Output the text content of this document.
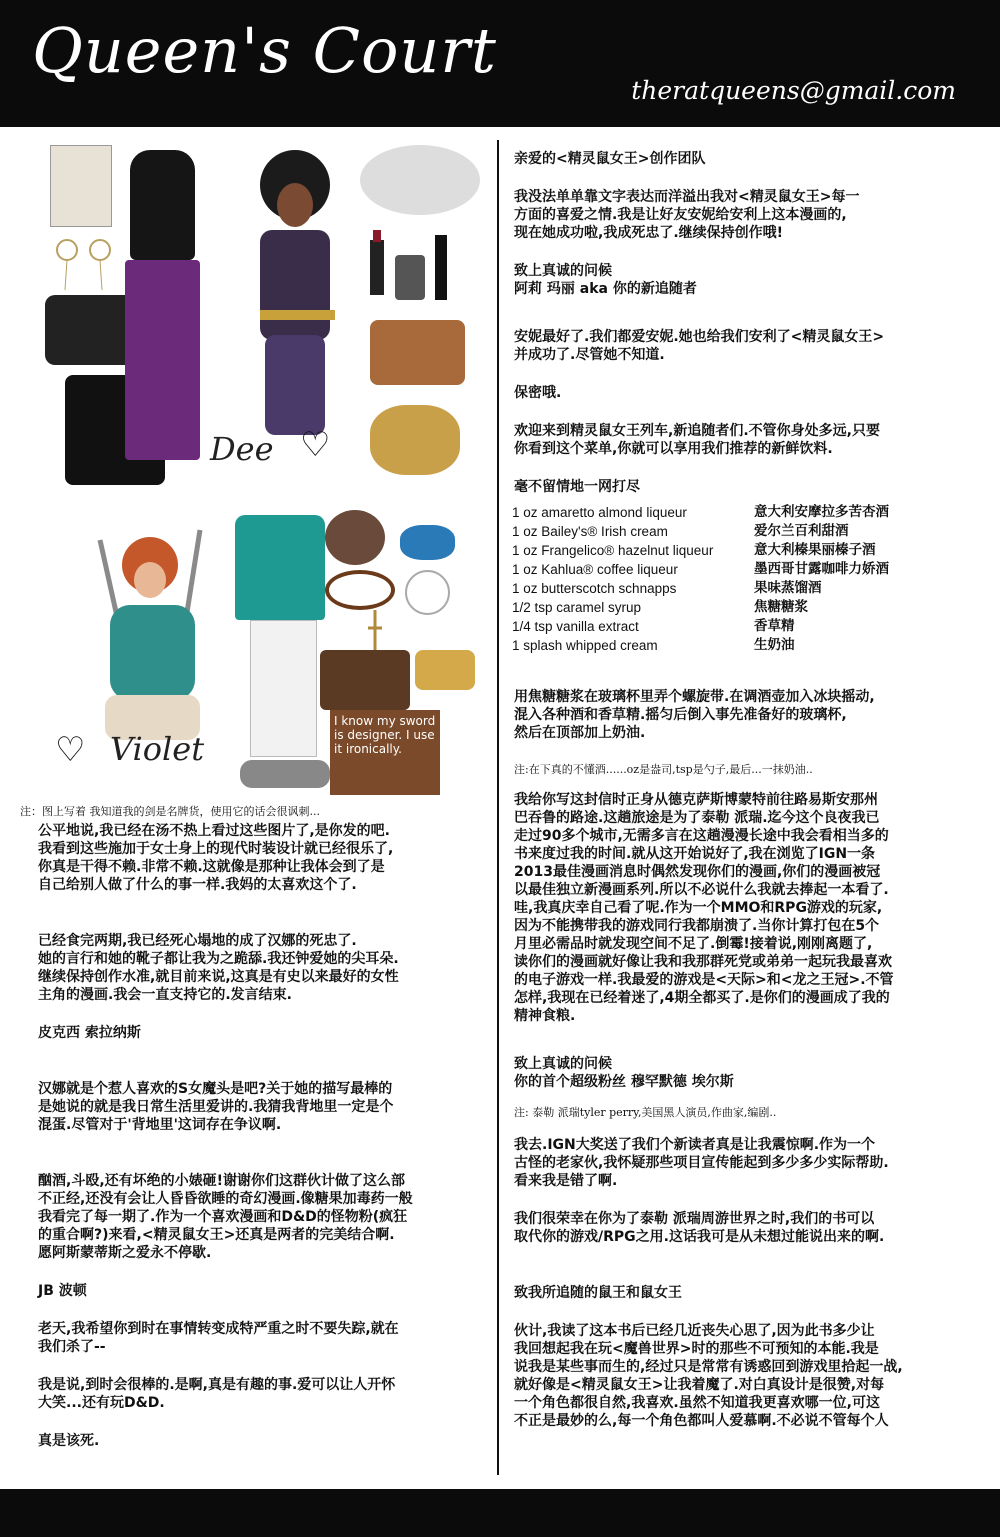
Queen's Court
theratqueens@gmail.com
Dee ♡
Violet
♡
I know my sword is designer. I use it ironically.
注：图上写着 我知道我的剑是名牌货，使用它的话会很讽刺...

公平地说,我已经在汤不热上看过这些图片了,是你发的吧.
我看到这些施加于女士身上的现代时装设计就已经很乐了,
你真是干得不赖.非常不赖.这就像是那种让我体会到了是
自己给别人做了什么的事一样.我妈的太喜欢这个了.

已经食完两期,我已经死心塌地的成了汉娜的死忠了.
她的言行和她的靴子都让我为之跪舔.我还钟爱她的尖耳朵.
继续保持创作水准,就目前来说,这真是有史以来最好的女性
主角的漫画.我会一直支持它的.发言结束.

皮克西 索拉纳斯

汉娜就是个惹人喜欢的S女魔头是吧?关于她的描写最棒的
是她说的就是我日常生活里爱讲的.我猜我背地里一定是个
混蛋.尽管对于'背地里'这词存在争议啊.

酗酒,斗殴,还有坏绝的小婊砸!谢谢你们这群伙计做了这么部
不正经,还没有会让人昏昏欲睡的奇幻漫画.像糖果加毒药一般
我看完了每一期了.作为一个喜欢漫画和D&D的怪物粉(疯狂
的重合啊?)来看,<精灵鼠女王>还真是两者的完美结合啊.
愿阿斯蒙蒂斯之爱永不停歇.

JB 波顿

老天,我希望你到时在事情转变成特严重之时不要失踪,就在
我们杀了--

我是说,到时会很棒的.是啊,真是有趣的事.爱可以让人开怀
大笑...还有玩D&D.

真是该死.

亲爱的<精灵鼠女王>创作团队

我没法单单靠文字表达而洋溢出我对<精灵鼠女王>每一
方面的喜爱之情.我是让好友安妮给安利上这本漫画的,
现在她成功啦,我成死忠了.继续保持创作哦!

致上真诚的问候
阿莉 玛丽 aka 你的新追随者

安妮最好了.我们都爱安妮.她也给我们安利了<精灵鼠女王>
并成功了.尽管她不知道.

保密哦.

欢迎来到精灵鼠女王列车,新追随者们.不管你身处多远,只要
你看到这个菜单,你就可以享用我们推荐的新鲜饮料.

毫不留情地一网打尽

1 oz amaretto almond liqueur	意大利安摩拉多苦杏酒
1 oz Bailey's® Irish cream	爱尔兰百利甜酒
1 oz Frangelico® hazelnut liqueur	意大利榛果丽榛子酒
1 oz Kahlua® coffee liqueur	墨西哥甘露咖啡力娇酒
1 oz butterscotch schnapps	果味蒸馏酒
1/2 tsp caramel syrup	焦糖糖浆
1/4 tsp vanilla extract	香草精
1 splash whipped cream	生奶油

用焦糖糖浆在玻璃杯里弄个螺旋带.在调酒壶加入冰块摇动,
混入各种酒和香草精.摇匀后倒入事先准备好的玻璃杯,
然后在顶部加上奶油.

注:在下真的不懂酒......oz是盎司,tsp是勺子,最后...一抹奶油..

我给你写这封信时正身从德克萨斯博蒙特前往路易斯安那州
巴吞鲁的路途.这趟旅途是为了泰勒 派瑞.迄今这个良夜我已
走过90多个城市,无需多言在这趟漫漫长途中我会看相当多的
书来度过我的时间.就从这开始说好了,我在浏览了IGN一条
2013最佳漫画消息时偶然发现你们的漫画,你们的漫画被冠
以最佳独立新漫画系列.所以不必说什么我就去捧起一本看了.
哇,我真庆幸自己看了呢.作为一个MMO和RPG游戏的玩家,
因为不能携带我的游戏同行我都崩溃了.当你计算打包在5个
月里必需品时就发现空间不足了.倒霉!接着说,刚刚离题了,
读你们的漫画就好像让我和我那群死党或弟弟一起玩我最喜欢
的电子游戏一样.我最爱的游戏是<天际>和<龙之王冠>.不管
怎样,我现在已经着迷了,4期全都买了.是你们的漫画成了我的
精神食粮.

致上真诚的问候
你的首个超级粉丝 穆罕默德 埃尔斯

注: 泰勒 派瑞tyler perry,美国黑人演员,作曲家,编剧..

我去.IGN大奖送了我们个新读者真是让我震惊啊.作为一个
古怪的老家伙,我怀疑那些项目宣传能起到多少多少实际帮助.
看来我是错了啊.

我们很荣幸在你为了泰勒 派瑞周游世界之时,我们的书可以
取代你的游戏/RPG之用.这话我可是从未想过能说出来的啊.

致我所追随的鼠王和鼠女王

伙计,我读了这本书后已经几近丧失心思了,因为此书多少让
我回想起我在玩<魔兽世界>时的那些不可预知的本能.我是
说我是某些事而生的,经过只是常常有诱惑回到游戏里拾起一战,
就好像是<精灵鼠女王>让我着魔了.对白真设计是很赞,对每
一个角色都很自然,我喜欢.虽然不知道我更喜欢哪一位,可这
不正是最妙的么,每一个角色都叫人爱慕啊.不必说不管每个人
